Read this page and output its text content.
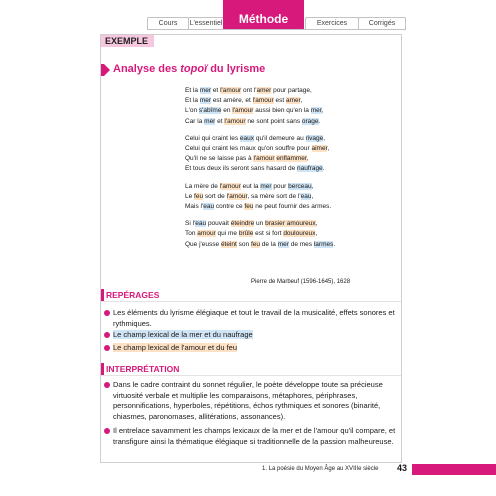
Cours	L'essentiel	Méthode	Exercices	Corrigés
EXEMPLE
Analyse des topoï du lyrisme
Et la mer et l'amour ont l'amer pour partage,
Et la mer est amère, et l'amour est amer,
L'on s'abîme en l'amour aussi bien qu'en la mer,
Car la mer et l'amour ne sont point sans orage.
Celui qui craint les eaux qu'il demeure au rivage,
Celui qui craint les maux qu'on souffre pour aimer,
Qu'il ne se laisse pas à l'amour enflammer,
Et tous deux ils seront sans hasard de naufrage.
La mère de l'amour eut la mer pour berceau,
Le feu sort de l'amour, sa mère sort de l'eau,
Mais l'eau contre ce feu ne peut fournir des armes.
Si l'eau pouvait éteindre un brasier amoureux,
Ton amour qui me brûle est si fort douloureux,
Que j'eusse éteint son feu de la mer de mes larmes.
Pierre de Marbeuf (1596-1645), 1628
REPÉRAGES
Les éléments du lyrisme élégiaque et tout le travail de la musicalité, effets sonores et rythmiques.
Le champ lexical de la mer et du naufrage
Le champ lexical de l'amour et du feu
INTERPRÉTATION
Dans le cadre contraint du sonnet régulier, le poète développe toute sa précieuse virtuosité verbale et multiplie les comparaisons, métaphores, périphrases, personnifications, hyperboles, répétitions, échos rythmiques et sonores (binarité, chiasmes, paronomases, allitérations, assonances).
Il entrelace savamment les champs lexicaux de la mer et de l'amour qu'il compare, et transfigure ainsi la thématique élégiaque si traditionnelle de la passion malheureuse.
1. La poésie du Moyen Âge au XVIIIe siècle 43
